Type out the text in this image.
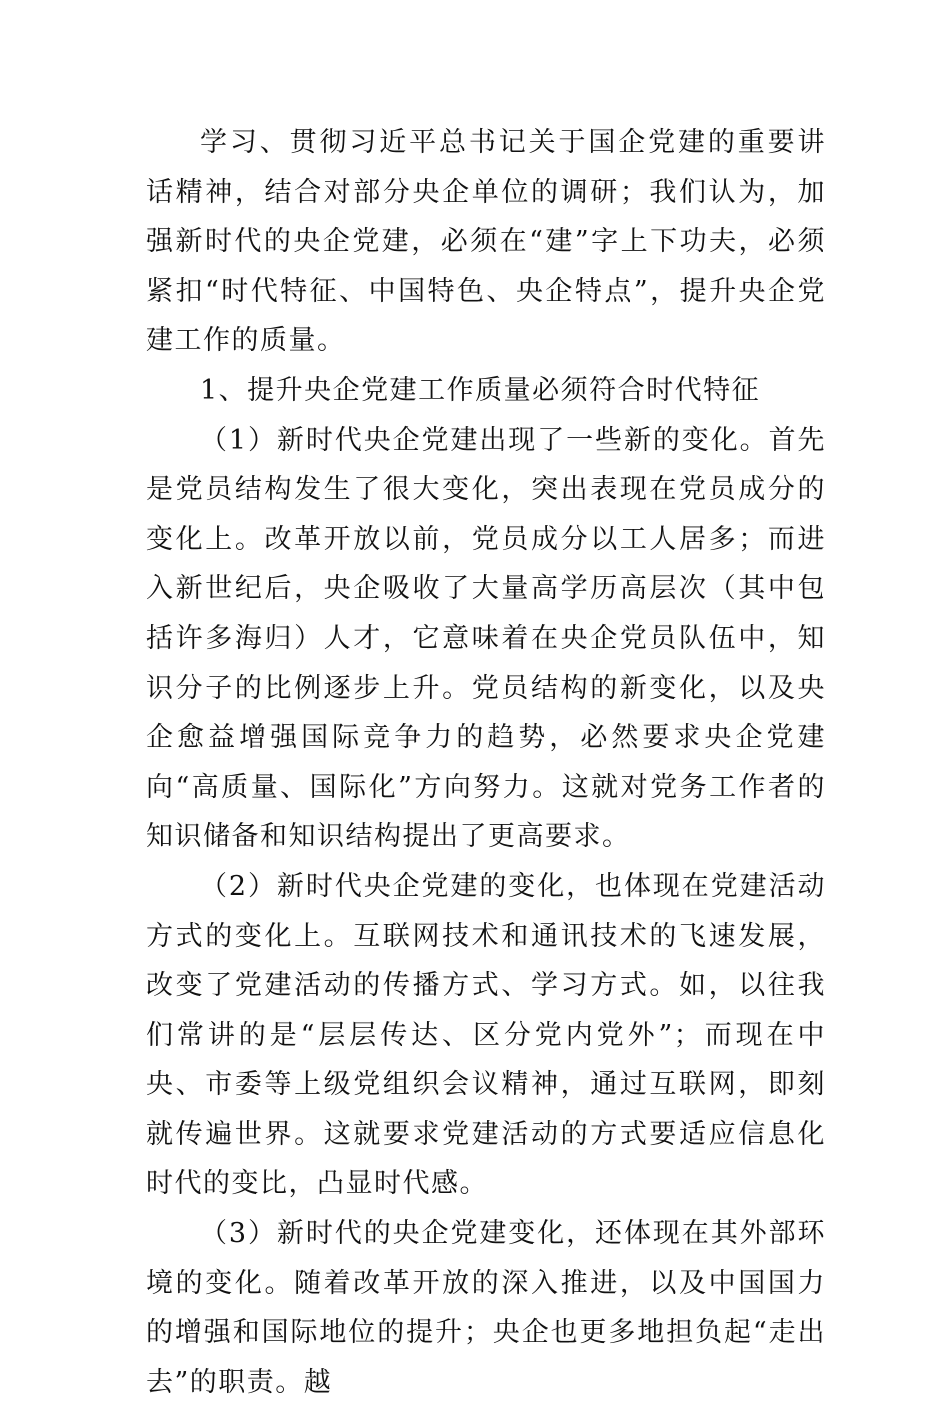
学习、贯彻习近平总书记关于国企党建的重要讲话精神，结合对部分央企单位的调研；我们认为，加强新时代的央企党建，必须在“建”字上下功夫，必须紧扣“时代特征、中国特色、央企特点”，提升央企党建工作的质量。

1、提升央企党建工作质量必须符合时代特征

（1）新时代央企党建出现了一些新的变化。首先是党员结构发生了很大变化，突出表现在党员成分的变化上。改革开放以前，党员成分以工人居多；而进入新世纪后，央企吸收了大量高学历高层次（其中包括许多海归）人才，它意味着在央企党员队伍中，知识分子的比例逐步上升。党员结构的新变化，以及央企愈益增强国际竞争力的趋势，必然要求央企党建向“高质量、国际化”方向努力。这就对党务工作者的知识储备和知识结构提出了更高要求。

（2）新时代央企党建的变化，也体现在党建活动方式的变化上。互联网技术和通讯技术的飞速发展，改变了党建活动的传播方式、学习方式。如，以往我们常讲的是“层层传达、区分党内党外”；而现在中央、市委等上级党组织会议精神，通过互联网，即刻就传遍世界。这就要求党建活动的方式要适应信息化时代的变比，凸显时代感。

（3）新时代的央企党建变化，还体现在其外部环境的变化。随着改革开放的深入推进，以及中国国力的增强和国际地位的提升；央企也更多地担负起“走出去”的职责。越
